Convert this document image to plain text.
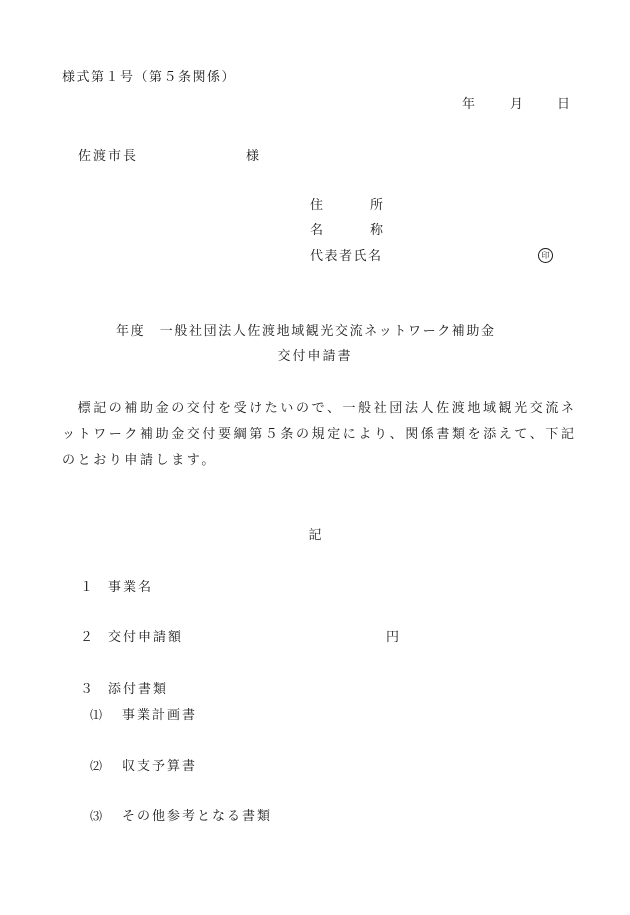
様式第１号（第５条関係）
年	月	日
佐渡市長	様
住	所
名	称
代表者氏名	印
年度　一般社団法人佐渡地域観光交流ネットワーク補助金
交付申請書
　標記の補助金の交付を受けたいので、一般社団法人佐渡地域観光交流ネ
ットワーク補助金交付要綱第５条の規定により、関係書類を添えて、下記
のとおり申請します。
記
１ 事業名
２ 交付申請額	円
３ 添付書類
⑴ 事業計画書
⑵ 収支予算書
⑶ その他参考となる書類
